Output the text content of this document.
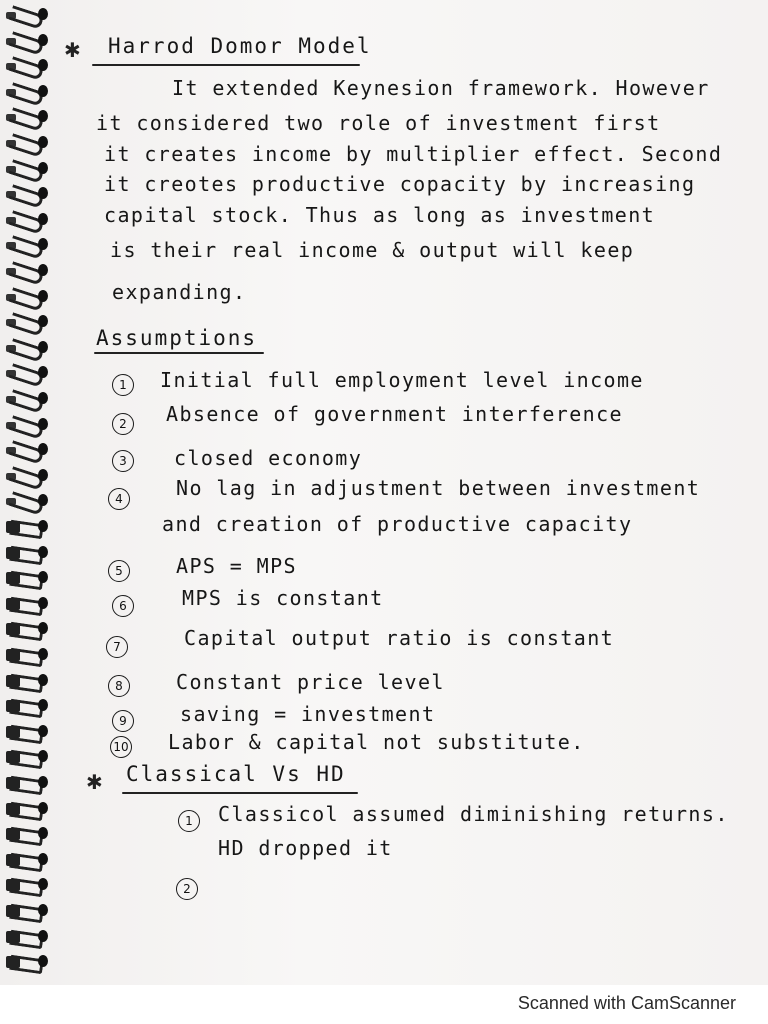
✱ Harrod Domor Model
It extended Keynesion framework. However
it considered two role of investment first
it creates income by multiplier effect. Second
it creotes productive copacity by increasing
capital stock. Thus as long as investment
is their real income & output will keep
expanding.
Assumptions
1	Initial full employment level income
2	Absence of government interference
3	closed economy
4	No lag in adjustment between investment
and creation of productive capacity
5	APS = MPS
6	MPS is constant
7	Capital output ratio is constant
8	Constant price level
9	saving = investment
10 Labor & capital not substitute.
✱ Classical Vs HD
1	Classicol assumed diminishing returns.
HD dropped it
2
Scanned with CamScanner
